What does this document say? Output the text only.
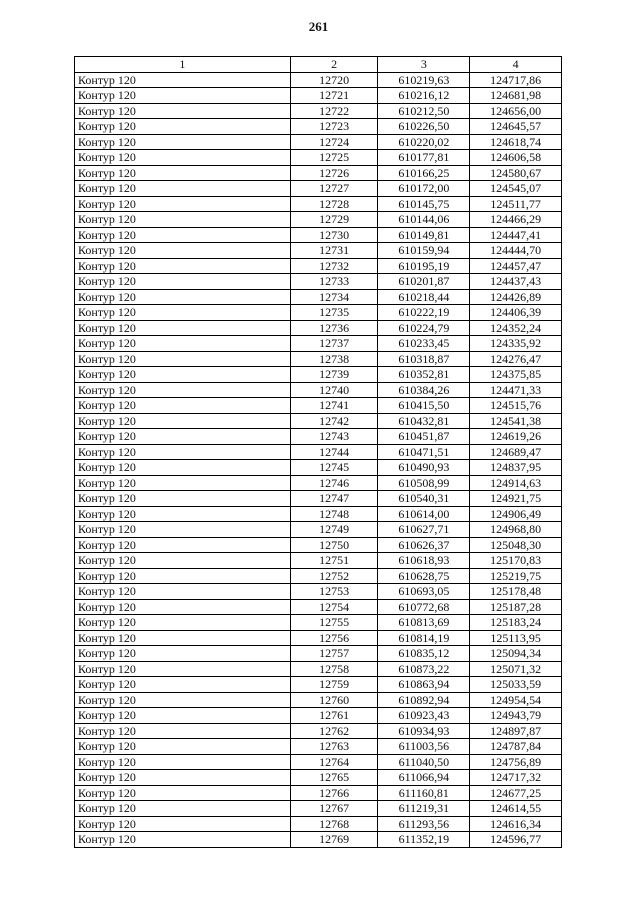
261
1	2	3	4
Контур 120	12720	610219,63	124717,86
Контур 120	12721	610216,12	124681,98
Контур 120	12722	610212,50	124656,00
Контур 120	12723	610226,50	124645,57
Контур 120	12724	610220,02	124618,74
Контур 120	12725	610177,81	124606,58
Контур 120	12726	610166,25	124580,67
Контур 120	12727	610172,00	124545,07
Контур 120	12728	610145,75	124511,77
Контур 120	12729	610144,06	124466,29
Контур 120	12730	610149,81	124447,41
Контур 120	12731	610159,94	124444,70
Контур 120	12732	610195,19	124457,47
Контур 120	12733	610201,87	124437,43
Контур 120	12734	610218,44	124426,89
Контур 120	12735	610222,19	124406,39
Контур 120	12736	610224,79	124352,24
Контур 120	12737	610233,45	124335,92
Контур 120	12738	610318,87	124276,47
Контур 120	12739	610352,81	124375,85
Контур 120	12740	610384,26	124471,33
Контур 120	12741	610415,50	124515,76
Контур 120	12742	610432,81	124541,38
Контур 120	12743	610451,87	124619,26
Контур 120	12744	610471,51	124689,47
Контур 120	12745	610490,93	124837,95
Контур 120	12746	610508,99	124914,63
Контур 120	12747	610540,31	124921,75
Контур 120	12748	610614,00	124906,49
Контур 120	12749	610627,71	124968,80
Контур 120	12750	610626,37	125048,30
Контур 120	12751	610618,93	125170,83
Контур 120	12752	610628,75	125219,75
Контур 120	12753	610693,05	125178,48
Контур 120	12754	610772,68	125187,28
Контур 120	12755	610813,69	125183,24
Контур 120	12756	610814,19	125113,95
Контур 120	12757	610835,12	125094,34
Контур 120	12758	610873,22	125071,32
Контур 120	12759	610863,94	125033,59
Контур 120	12760	610892,94	124954,54
Контур 120	12761	610923,43	124943,79
Контур 120	12762	610934,93	124897,87
Контур 120	12763	611003,56	124787,84
Контур 120	12764	611040,50	124756,89
Контур 120	12765	611066,94	124717,32
Контур 120	12766	611160,81	124677,25
Контур 120	12767	611219,31	124614,55
Контур 120	12768	611293,56	124616,34
Контур 120	12769	611352,19	124596,77
